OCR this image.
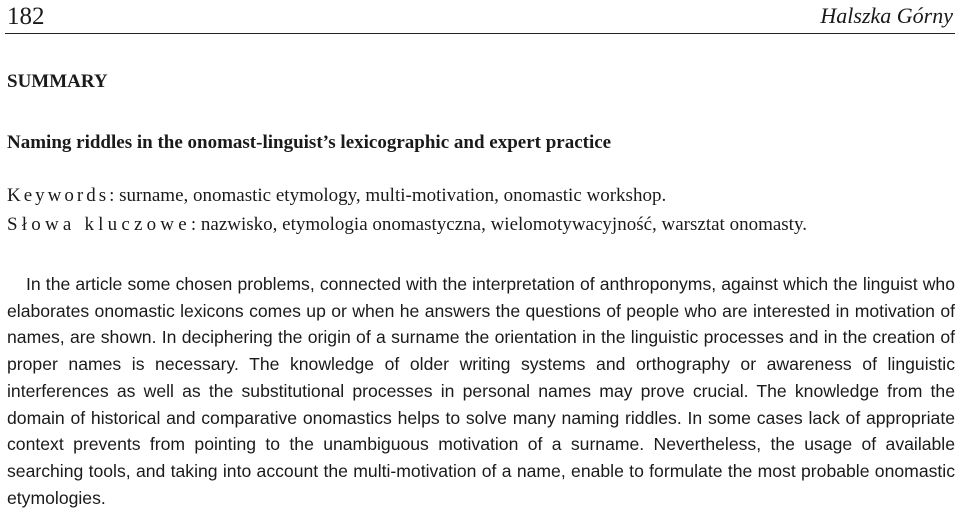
182	Halszka Górny
SUMMARY
Naming riddles in the onomast-linguist’s lexicographic and expert practice
Keywords: surname, onomastic etymology, multi-motivation, onomastic workshop.
Słowa kluczowe: nazwisko, etymologia onomastyczna, wielomotywacyjność, warsztat onomasty.

In the article some chosen problems, connected with the interpretation of anthroponyms, against which the linguist who elaborates onomastic lexicons comes up or when he answers the questions of people who are interested in motivation of names, are shown. In deciphering the origin of a surname the orientation in the linguistic processes and in the creation of proper names is necessary. The knowledge of older writing systems and orthography or awareness of linguistic interferences as well as the substitutional processes in personal names may prove crucial. The knowledge from the domain of historical and comparative onomastics helps to solve many naming riddles. In some cases lack of appropriate context prevents from pointing to the unambiguous motivation of a surname. Nevertheless, the usage of available searching tools, and taking into account the multi-motivation of a name, enable to formulate the most probable onomastic etymologies.
